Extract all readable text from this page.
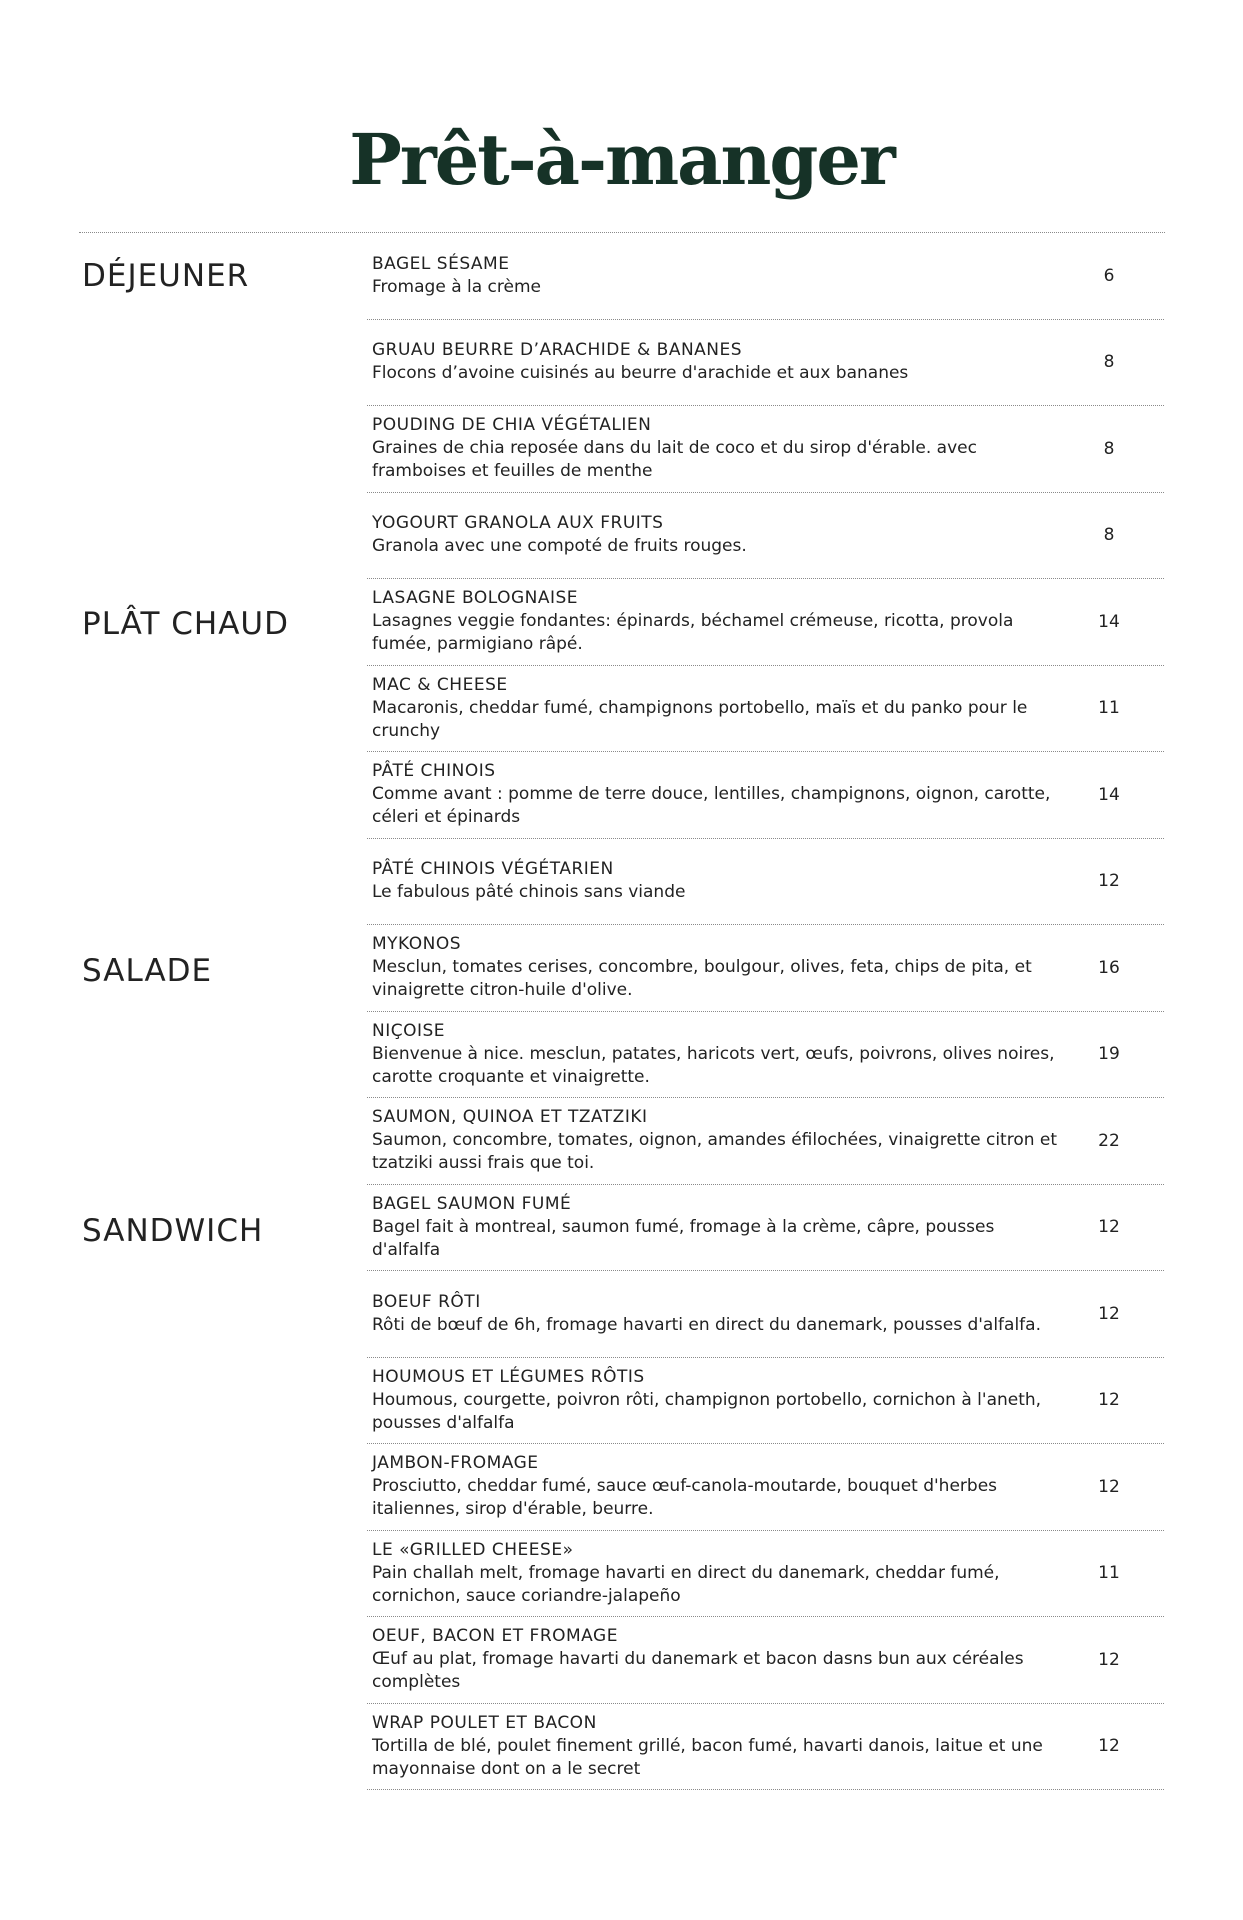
Prêt-à-manger
DÉJEUNER
PLÂT CHAUD
SALADE
SANDWICH
BAGEL SÉSAME
Fromage à la crème
6
GRUAU BEURRE D’ARACHIDE & BANANES
Flocons d’avoine cuisinés au beurre d'arachide et aux bananes
8
POUDING DE CHIA VÉGÉTALIEN
Graines de chia reposée dans du lait de coco et du sirop d'érable. avec framboises et feuilles de menthe
8
YOGOURT GRANOLA AUX FRUITS
Granola avec une compoté de fruits rouges.
8
LASAGNE BOLOGNAISE
Lasagnes veggie fondantes: épinards, béchamel crémeuse, ricotta, provola fumée, parmigiano râpé.
14
MAC & CHEESE
Macaronis, cheddar fumé, champignons portobello, maïs et du panko pour le crunchy
11
PÂTÉ CHINOIS
Comme avant : pomme de terre douce, lentilles, champignons, oignon, carotte, céleri et épinards
14
PÂTÉ CHINOIS VÉGÉTARIEN
Le fabulous pâté chinois sans viande
12
MYKONOS
Mesclun, tomates cerises, concombre, boulgour, olives, feta, chips de pita, et vinaigrette citron-huile d'olive.
16
NIÇOISE
Bienvenue à nice. mesclun, patates, haricots vert, œufs, poivrons, olives noires, carotte croquante et vinaigrette.
19
SAUMON, QUINOA ET TZATZIKI
Saumon, concombre, tomates, oignon, amandes éfilochées, vinaigrette citron et tzatziki aussi frais que toi.
22
BAGEL SAUMON FUMÉ
Bagel fait à montreal, saumon fumé, fromage à la crème, câpre, pousses d'alfalfa
12
BOEUF RÔTI
Rôti de bœuf de 6h, fromage havarti en direct du danemark, pousses d'alfalfa.
12
HOUMOUS ET LÉGUMES RÔTIS
Houmous, courgette, poivron rôti, champignon portobello, cornichon à l'aneth, pousses d'alfalfa
12
JAMBON-FROMAGE
Prosciutto, cheddar fumé, sauce œuf-canola-moutarde, bouquet d'herbes italiennes, sirop d'érable, beurre.
12
LE «GRILLED CHEESE»
Pain challah melt, fromage havarti en direct du danemark, cheddar fumé, cornichon, sauce coriandre-jalapeño
11
OEUF, BACON ET FROMAGE
Œuf au plat, fromage havarti du danemark et bacon dasns bun aux céréales complètes
12
WRAP POULET ET BACON
Tortilla de blé, poulet finement grillé, bacon fumé, havarti danois, laitue et une mayonnaise dont on a le secret
12
